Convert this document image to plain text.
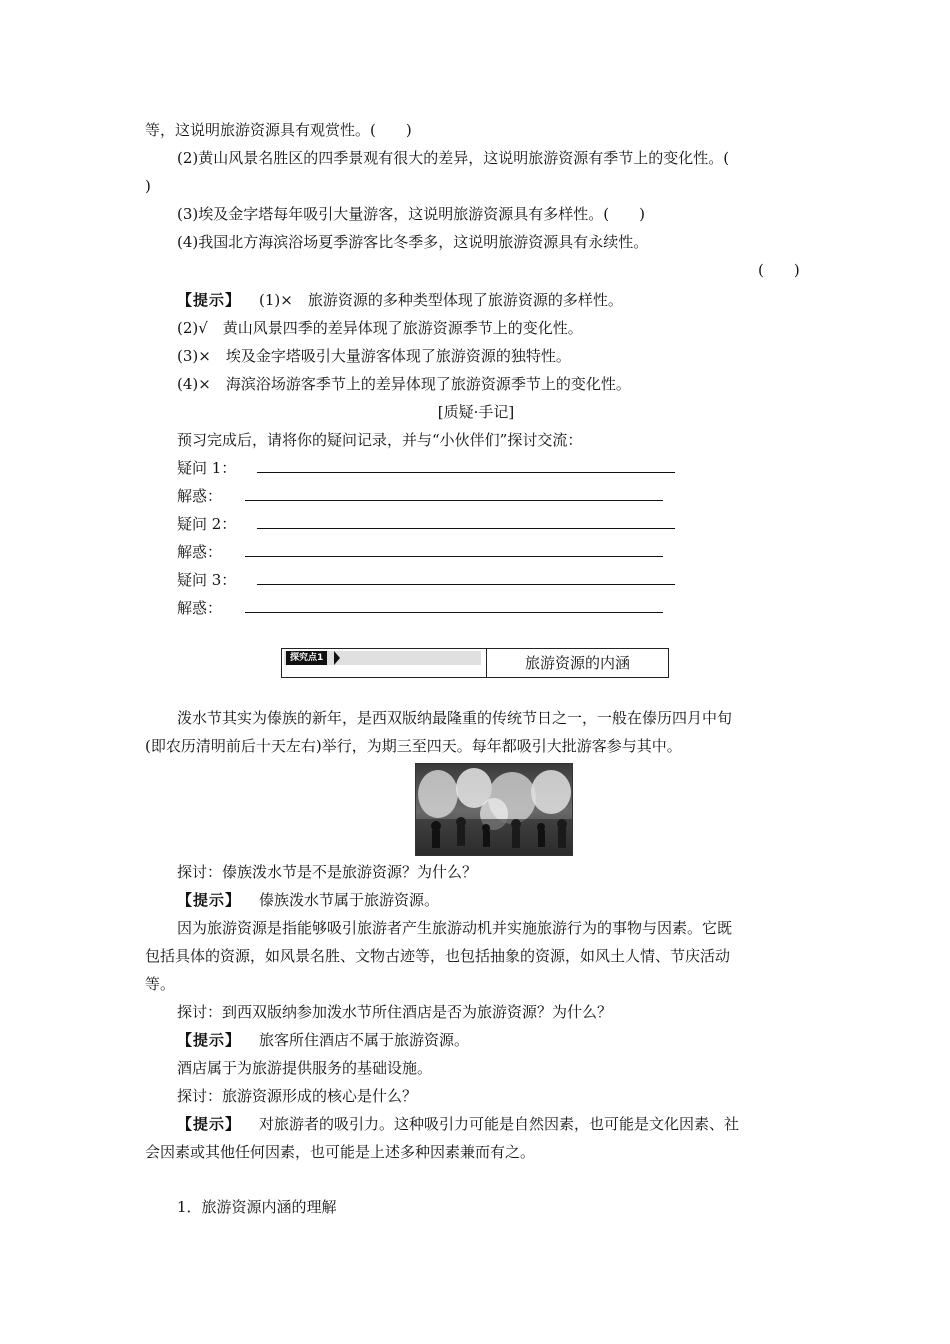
等，这说明旅游资源具有观赏性。(　　)
(2)黄山风景名胜区的四季景观有很大的差异，这说明旅游资源有季节上的变化性。(
)
(3)埃及金字塔每年吸引大量游客，这说明旅游资源具有多样性。(　　)
(4)我国北方海滨浴场夏季游客比冬季多，这说明旅游资源具有永续性。
(　　)
【提示】 (1)×　旅游资源的多种类型体现了旅游资源的多样性。
(2)√　黄山风景四季的差异体现了旅游资源季节上的变化性。
(3)×　埃及金字塔吸引大量游客体现了旅游资源的独特性。
(4)×　海滨浴场游客季节上的差异体现了旅游资源季节上的变化性。
[质疑·手记]
预习完成后，请将你的疑问记录，并与“小伙伴们”探讨交流：
疑问 1：
解惑：
疑问 2：
解惑：
疑问 3：
解惑：
探究点1	旅游资源的内涵
泼水节其实为傣族的新年，是西双版纳最隆重的传统节日之一，一般在傣历四月中旬
(即农历清明前后十天左右)举行，为期三至四天。每年都吸引大批游客参与其中。
探讨：傣族泼水节是不是旅游资源？为什么？
【提示】 傣族泼水节属于旅游资源。
因为旅游资源是指能够吸引旅游者产生旅游动机并实施旅游行为的事物与因素。它既
包括具体的资源，如风景名胜、文物古迹等，也包括抽象的资源，如风土人情、节庆活动
等。
探讨：到西双版纳参加泼水节所住酒店是否为旅游资源？为什么？
【提示】 旅客所住酒店不属于旅游资源。
酒店属于为旅游提供服务的基础设施。
探讨：旅游资源形成的核心是什么？
【提示】 对旅游者的吸引力。这种吸引力可能是自然因素，也可能是文化因素、社
会因素或其他任何因素，也可能是上述多种因素兼而有之。
1．旅游资源内涵的理解
